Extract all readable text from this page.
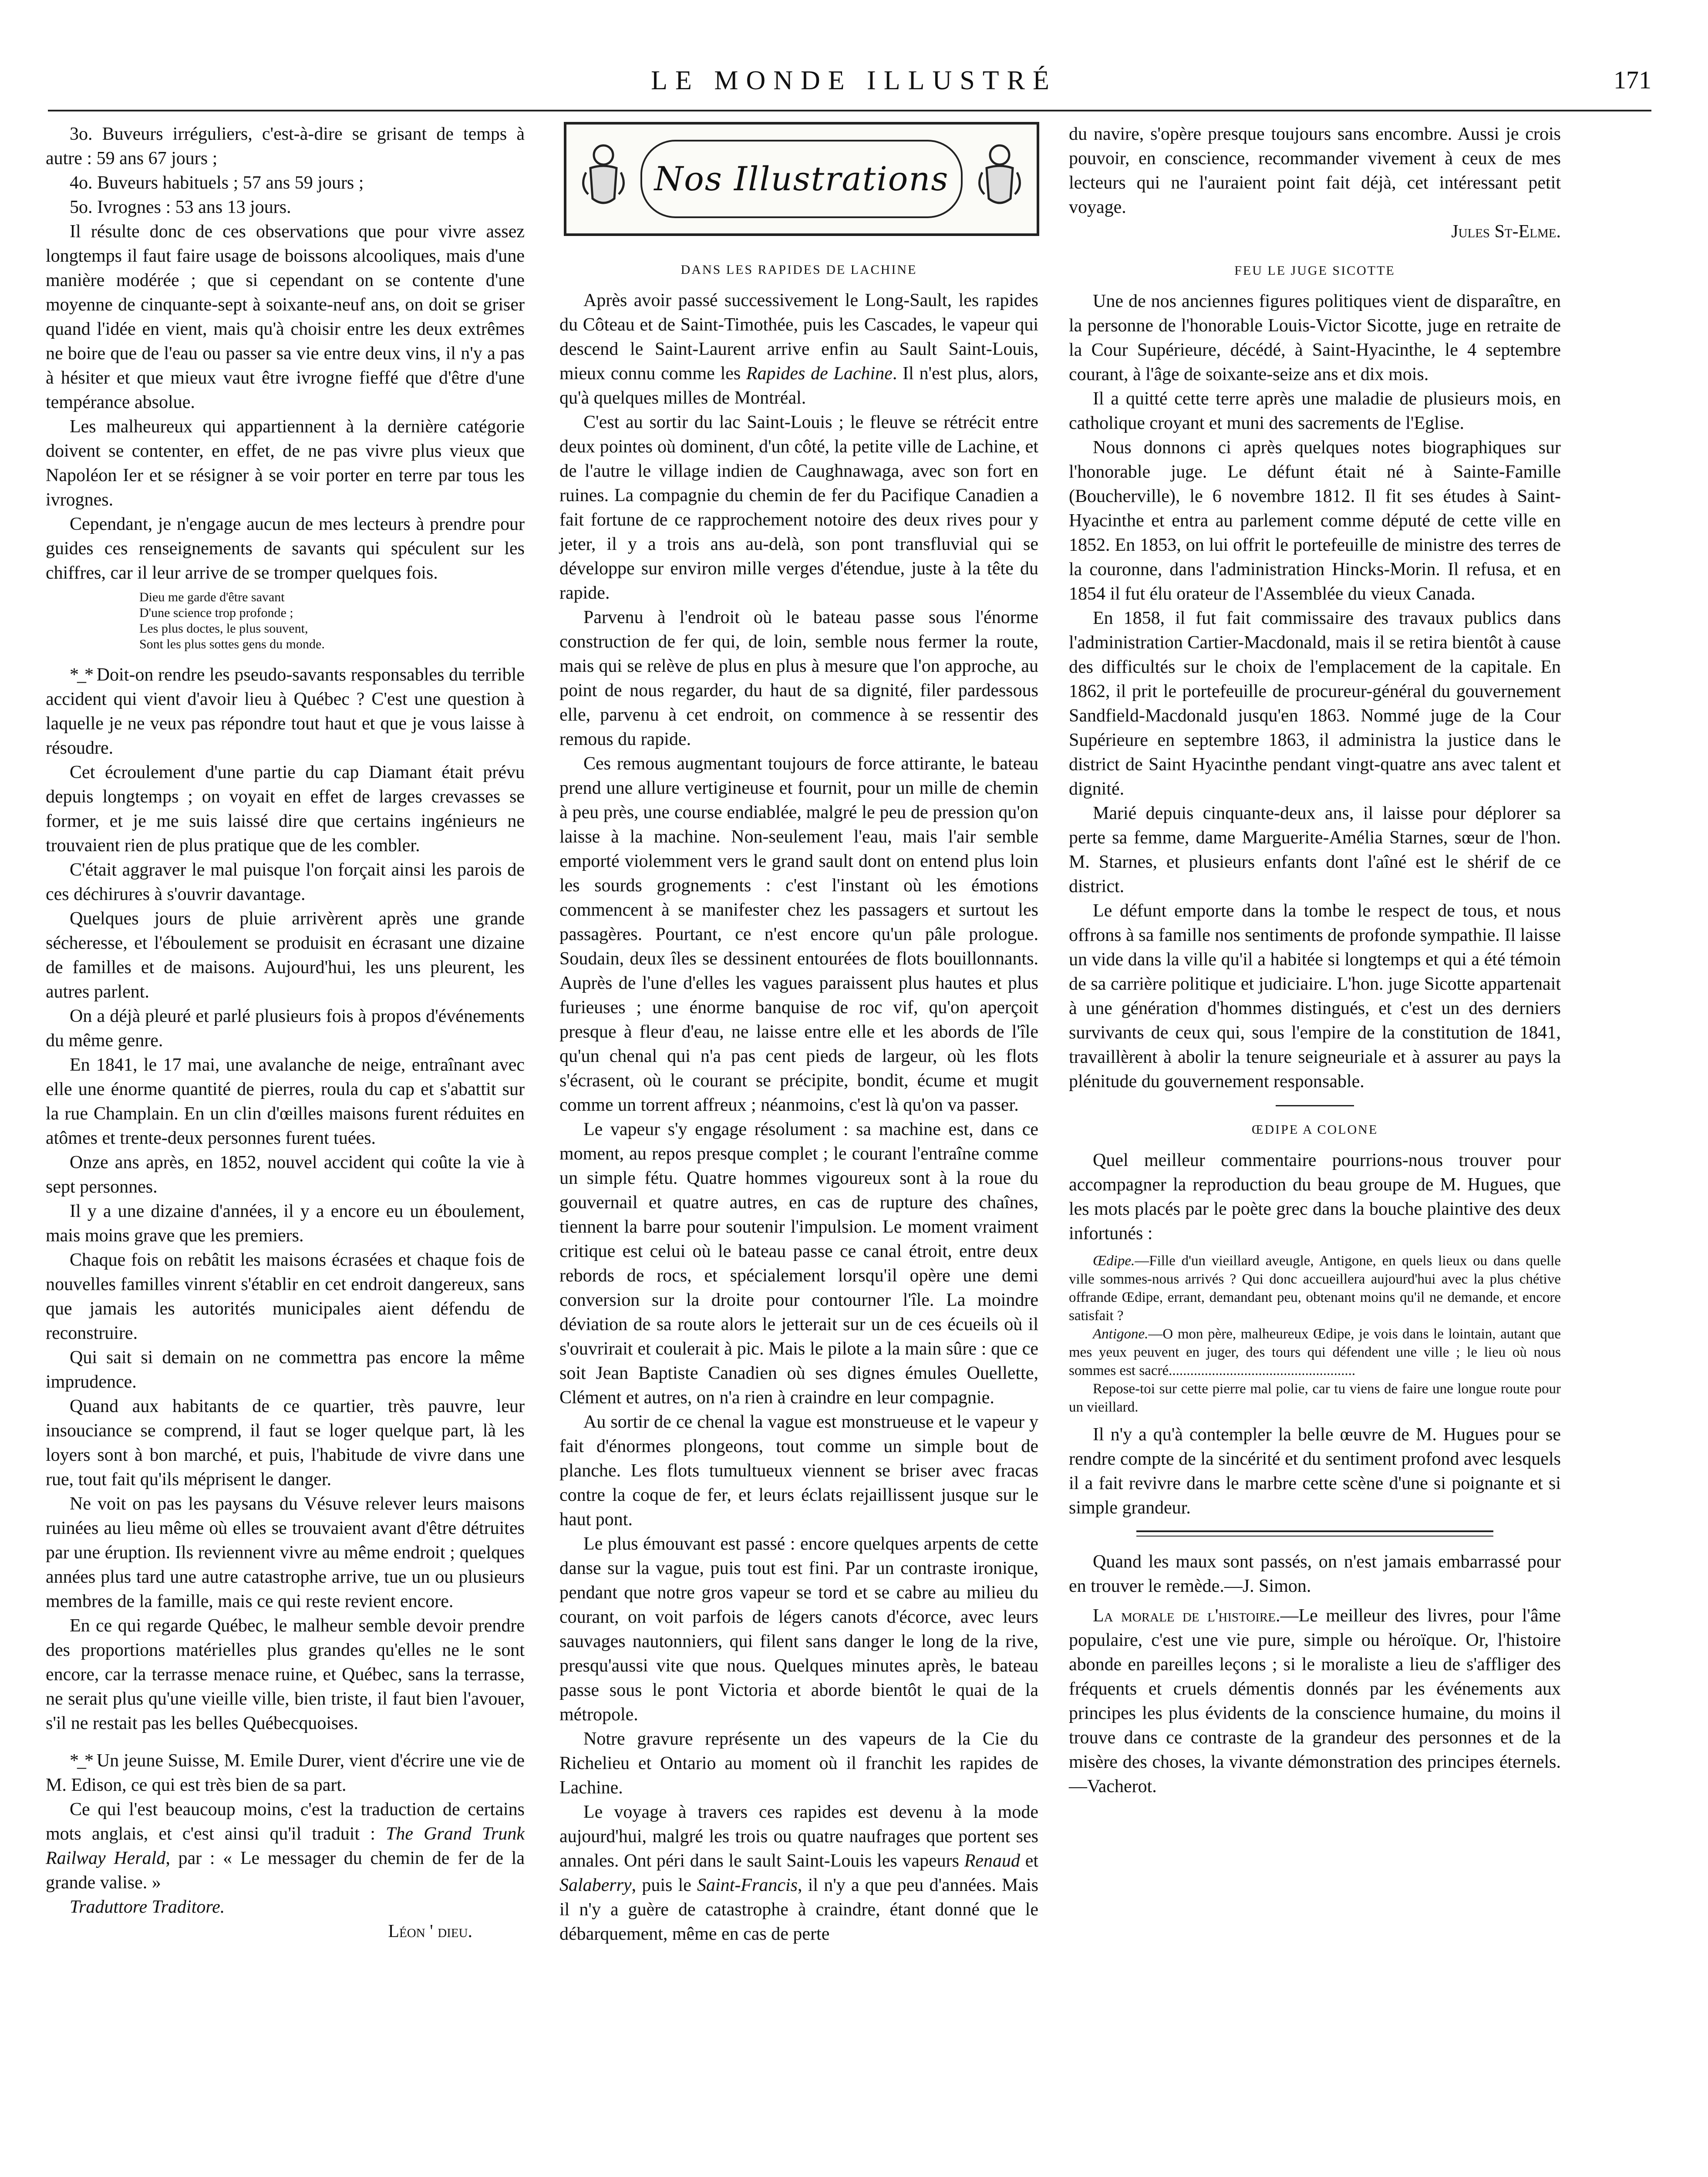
LE MONDE ILLUSTRÉ	171

3o. Buveurs irréguliers, c'est-à-dire se grisant de temps à autre : 59 ans 67 jours ;

4o. Buveurs habituels ; 57 ans 59 jours ;

5o. Ivrognes : 53 ans 13 jours.

Il résulte donc de ces observations que pour vivre assez longtemps il faut faire usage de boissons alcooliques, mais d'une manière modérée ; que si cependant on se contente d'une moyenne de cinquante-sept à soixante-neuf ans, on doit se griser quand l'idée en vient, mais qu'à choisir entre les deux extrêmes ne boire que de l'eau ou passer sa vie entre deux vins, il n'y a pas à hésiter et que mieux vaut être ivrogne fieffé que d'être d'une tempérance absolue.

Les malheureux qui appartiennent à la dernière catégorie doivent se contenter, en effet, de ne pas vivre plus vieux que Napoléon Ier et se résigner à se voir porter en terre par tous les ivrognes.

Cependant, je n'engage aucun de mes lecteurs à prendre pour guides ces renseignements de savants qui spéculent sur les chiffres, car il leur arrive de se tromper quelques fois.

Dieu me garde d'être savant
D'une science trop profonde ;
Les plus doctes, le plus souvent,
Sont les plus sottes gens du monde.

*_* Doit-on rendre les pseudo-savants responsables du terrible accident qui vient d'avoir lieu à Québec ? C'est une question à laquelle je ne veux pas répondre tout haut et que je vous laisse à résoudre.

Cet écroulement d'une partie du cap Diamant était prévu depuis longtemps ; on voyait en effet de larges crevasses se former, et je me suis laissé dire que certains ingénieurs ne trouvaient rien de plus pratique que de les combler.

C'était aggraver le mal puisque l'on forçait ainsi les parois de ces déchirures à s'ouvrir davantage.

Quelques jours de pluie arrivèrent après une grande sécheresse, et l'éboulement se produisit en écrasant une dizaine de familles et de maisons. Aujourd'hui, les uns pleurent, les autres parlent.

On a déjà pleuré et parlé plusieurs fois à propos d'événements du même genre.

En 1841, le 17 mai, une avalanche de neige, entraînant avec elle une énorme quantité de pierres, roula du cap et s'abattit sur la rue Champlain. En un clin d'œilles maisons furent réduites en atômes et trente-deux personnes furent tuées.

Onze ans après, en 1852, nouvel accident qui coûte la vie à sept personnes.

Il y a une dizaine d'années, il y a encore eu un éboulement, mais moins grave que les premiers.

Chaque fois on rebâtit les maisons écrasées et chaque fois de nouvelles familles vinrent s'établir en cet endroit dangereux, sans que jamais les autorités municipales aient défendu de reconstruire.

Qui sait si demain on ne commettra pas encore la même imprudence.

Quand aux habitants de ce quartier, très pauvre, leur insouciance se comprend, il faut se loger quelque part, là les loyers sont à bon marché, et puis, l'habitude de vivre dans une rue, tout fait qu'ils méprisent le danger.

Ne voit on pas les paysans du Vésuve relever leurs maisons ruinées au lieu même où elles se trouvaient avant d'être détruites par une éruption. Ils reviennent vivre au même endroit ; quelques années plus tard une autre catastrophe arrive, tue un ou plusieurs membres de la famille, mais ce qui reste revient encore.

En ce qui regarde Québec, le malheur semble devoir prendre des proportions matérielles plus grandes qu'elles ne le sont encore, car la terrasse menace ruine, et Québec, sans la terrasse, ne serait plus qu'une vieille ville, bien triste, il faut bien l'avouer, s'il ne restait pas les belles Québecquoises.

*_* Un jeune Suisse, M. Emile Durer, vient d'écrire une vie de M. Edison, ce qui est très bien de sa part.

Ce qui l'est beaucoup moins, c'est la traduction de certains mots anglais, et c'est ainsi qu'il traduit : The Grand Trunk Railway Herald, par : « Le messager du chemin de fer de la grande valise. »

Traduttore Traditore.

Léon ' dieu.

Nos Illustrations
DANS LES RAPIDES DE LACHINE

Après avoir passé successivement le Long-Sault, les rapides du Côteau et de Saint-Timothée, puis les Cascades, le vapeur qui descend le Saint-Laurent arrive enfin au Sault Saint-Louis, mieux connu comme les Rapides de Lachine. Il n'est plus, alors, qu'à quelques milles de Montréal.

C'est au sortir du lac Saint-Louis ; le fleuve se rétrécit entre deux pointes où dominent, d'un côté, la petite ville de Lachine, et de l'autre le village indien de Caughnawaga, avec son fort en ruines. La compagnie du chemin de fer du Pacifique Canadien a fait fortune de ce rapprochement notoire des deux rives pour y jeter, il y a trois ans au-delà, son pont transfluvial qui se développe sur environ mille verges d'étendue, juste à la tête du rapide.

Parvenu à l'endroit où le bateau passe sous l'énorme construction de fer qui, de loin, semble nous fermer la route, mais qui se relève de plus en plus à mesure que l'on approche, au point de nous regarder, du haut de sa dignité, filer pardessous elle, parvenu à cet endroit, on commence à se ressentir des remous du rapide.

Ces remous augmentant toujours de force attirante, le bateau prend une allure vertigineuse et fournit, pour un mille de chemin à peu près, une course endiablée, malgré le peu de pression qu'on laisse à la machine. Non-seulement l'eau, mais l'air semble emporté violemment vers le grand sault dont on entend plus loin les sourds grognements : c'est l'instant où les émotions commencent à se manifester chez les passagers et surtout les passagères. Pourtant, ce n'est encore qu'un pâle prologue. Soudain, deux îles se dessinent entourées de flots bouillonnants. Auprès de l'une d'elles les vagues paraissent plus hautes et plus furieuses ; une énorme banquise de roc vif, qu'on aperçoit presque à fleur d'eau, ne laisse entre elle et les abords de l'île qu'un chenal qui n'a pas cent pieds de largeur, où les flots s'écrasent, où le courant se précipite, bondit, écume et mugit comme un torrent affreux ; néanmoins, c'est là qu'on va passer.

Le vapeur s'y engage résolument : sa machine est, dans ce moment, au repos presque complet ; le courant l'entraîne comme un simple fétu. Quatre hommes vigoureux sont à la roue du gouvernail et quatre autres, en cas de rupture des chaînes, tiennent la barre pour soutenir l'impulsion. Le moment vraiment critique est celui où le bateau passe ce canal étroit, entre deux rebords de rocs, et spécialement lorsqu'il opère une demi conversion sur la droite pour contourner l'île. La moindre déviation de sa route alors le jetterait sur un de ces écueils où il s'ouvrirait et coulerait à pic. Mais le pilote a la main sûre : que ce soit Jean Baptiste Canadien où ses dignes émules Ouellette, Clément et autres, on n'a rien à craindre en leur compagnie.

Au sortir de ce chenal la vague est monstrueuse et le vapeur y fait d'énormes plongeons, tout comme un simple bout de planche. Les flots tumultueux viennent se briser avec fracas contre la coque de fer, et leurs éclats rejaillissent jusque sur le haut pont.

Le plus émouvant est passé : encore quelques arpents de cette danse sur la vague, puis tout est fini. Par un contraste ironique, pendant que notre gros vapeur se tord et se cabre au milieu du courant, on voit parfois de légers canots d'écorce, avec leurs sauvages nautonniers, qui filent sans danger le long de la rive, presqu'aussi vite que nous. Quelques minutes après, le bateau passe sous le pont Victoria et aborde bientôt le quai de la métropole.

Notre gravure représente un des vapeurs de la Cie du Richelieu et Ontario au moment où il franchit les rapides de Lachine.

Le voyage à travers ces rapides est devenu à la mode aujourd'hui, malgré les trois ou quatre naufrages que portent ses annales. Ont péri dans le sault Saint-Louis les vapeurs Renaud et Salaberry, puis le Saint-Francis, il n'y a que peu d'années. Mais il n'y a guère de catastrophe à craindre, étant donné que le débarquement, même en cas de perte

du navire, s'opère presque toujours sans encombre. Aussi je crois pouvoir, en conscience, recommander vivement à ceux de mes lecteurs qui ne l'auraient point fait déjà, cet intéressant petit voyage.

Jules St-Elme.

FEU LE JUGE SICOTTE

Une de nos anciennes figures politiques vient de disparaître, en la personne de l'honorable Louis-Victor Sicotte, juge en retraite de la Cour Supérieure, décédé, à Saint-Hyacinthe, le 4 septembre courant, à l'âge de soixante-seize ans et dix mois.

Il a quitté cette terre après une maladie de plusieurs mois, en catholique croyant et muni des sacrements de l'Eglise.

Nous donnons ci après quelques notes biographiques sur l'honorable juge. Le défunt était né à Sainte-Famille (Boucherville), le 6 novembre 1812. Il fit ses études à Saint-Hyacinthe et entra au parlement comme député de cette ville en 1852. En 1853, on lui offrit le portefeuille de ministre des terres de la couronne, dans l'administration Hincks-Morin. Il refusa, et en 1854 il fut élu orateur de l'Assemblée du vieux Canada.

En 1858, il fut fait commissaire des travaux publics dans l'administration Cartier-Macdonald, mais il se retira bientôt à cause des difficultés sur le choix de l'emplacement de la capitale. En 1862, il prit le portefeuille de procureur-général du gouvernement Sandfield-Macdonald jusqu'en 1863. Nommé juge de la Cour Supérieure en septembre 1863, il administra la justice dans le district de Saint Hyacinthe pendant vingt-quatre ans avec talent et dignité.

Marié depuis cinquante-deux ans, il laisse pour déplorer sa perte sa femme, dame Marguerite-Amélia Starnes, sœur de l'hon. M. Starnes, et plusieurs enfants dont l'aîné est le shérif de ce district.

Le défunt emporte dans la tombe le respect de tous, et nous offrons à sa famille nos sentiments de profonde sympathie. Il laisse un vide dans la ville qu'il a habitée si longtemps et qui a été témoin de sa carrière politique et judiciaire. L'hon. juge Sicotte appartenait à une génération d'hommes distingués, et c'est un des derniers survivants de ceux qui, sous l'empire de la constitution de 1841, travaillèrent à abolir la tenure seigneuriale et à assurer au pays la plénitude du gouvernement responsable.

ŒDIPE A COLONE

Quel meilleur commentaire pourrions-nous trouver pour accompagner la reproduction du beau groupe de M. Hugues, que les mots placés par le poète grec dans la bouche plaintive des deux infortunés :

Œdipe.—Fille d'un vieillard aveugle, Antigone, en quels lieux ou dans quelle ville sommes-nous arrivés ? Qui donc accueillera aujourd'hui avec la plus chétive offrande Œdipe, errant, demandant peu, obtenant moins qu'il ne demande, et encore satisfait ?

Antigone.—O mon père, malheureux Œdipe, je vois dans le lointain, autant que mes yeux peuvent en juger, des tours qui défendent une ville ; le lieu où nous sommes est sacré....................................................

Repose-toi sur cette pierre mal polie, car tu viens de faire une longue route pour un vieillard.

Il n'y a qu'à contempler la belle œuvre de M. Hugues pour se rendre compte de la sincérité et du sentiment profond avec lesquels il a fait revivre dans le marbre cette scène d'une si poignante et si simple grandeur.

Quand les maux sont passés, on n'est jamais embarrassé pour en trouver le remède.—J. Simon.

La morale de l'histoire.—Le meilleur des livres, pour l'âme populaire, c'est une vie pure, simple ou héroïque. Or, l'histoire abonde en pareilles leçons ; si le moraliste a lieu de s'affliger des fréquents et cruels démentis donnés par les événements aux principes les plus évidents de la conscience humaine, du moins il trouve dans ce contraste de la grandeur des personnes et de la misère des choses, la vivante démonstration des principes éternels.—Vacherot.
